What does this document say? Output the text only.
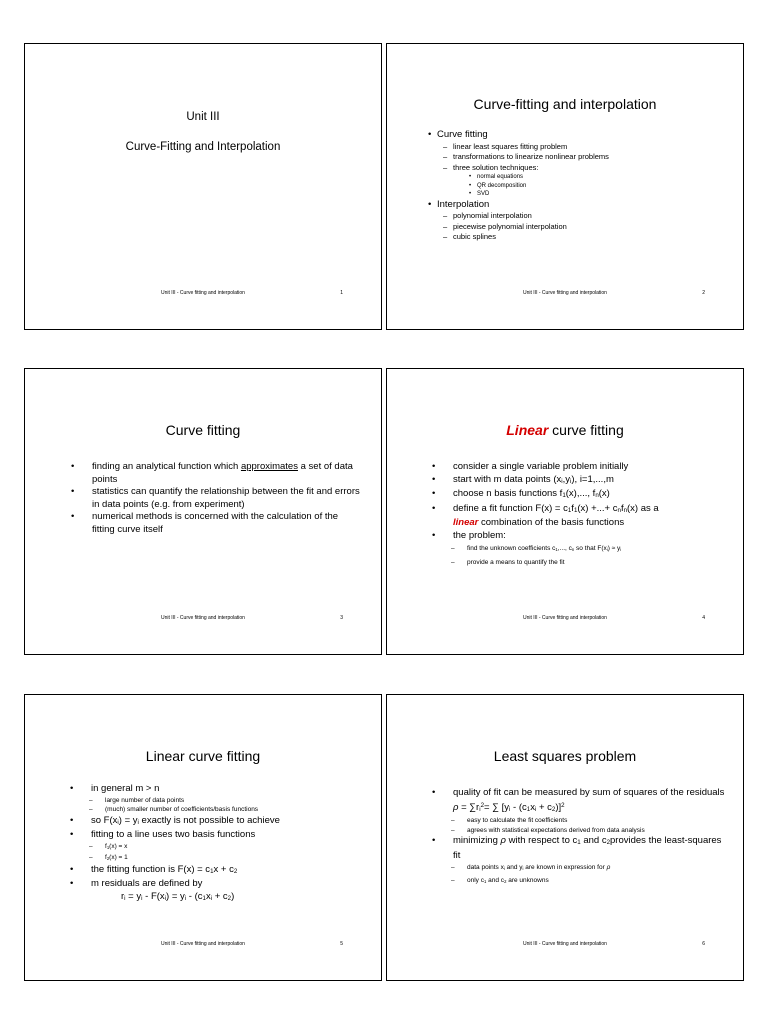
Unit III
Curve-Fitting and Interpolation
Unit III - Curve fitting and interpolation	1
Curve-fitting and interpolation
• Curve fitting
– linear least squares fitting problem
– transformations to linearize nonlinear problems
– three solution techniques:
• normal equations
• QR decomposition
• SVD
• Interpolation
– polynomial interpolation
– piecewise polynomial interpolation
– cubic splines
Unit III - Curve fitting and interpolation	2
Curve fitting
• finding an analytical function which approximates a set of data points
• statistics can quantify the relationship between the fit and errors in data points (e.g. from experiment)
• numerical methods is concerned with the calculation of the fitting curve itself
Unit III - Curve fitting and interpolation	3
Linear curve fitting
• consider a single variable problem initially
• start with m data points $(x_i,y_i)$, i=1,...,m
• choose n basis functions $f_1(x)$,..., $f_n(x)$
• define a fit function $F(x) = c_1f_1(x)$ +...+ $c_nf_n(x)$ as a
linear combination of the basis functions
• the problem:
– find the unknown coefficients $c_1$,..., $c_n$ so that $F(x_i) \approx y_i$
– provide a means to quantify the fit
Unit III - Curve fitting and interpolation	4
Linear curve fitting
• in general m > n
– large number of data points
– (much) smaller number of coefficients/basis functions
• so $F(x_i) = y_i$ exactly is not possible to achieve
• fitting to a line uses two basis functions
– $f_1(x) = x$
– $f_2(x) = 1$
• the fitting function is $F(x) = c_1x + c_2$
• m residuals are defined by
$r_i = y_i - F(x_i) = y_i - (c_1x_i + c_2)$
Unit III - Curve fitting and interpolation	5
Least squares problem
• quality of fit can be measured by sum of squares of the residuals $\rho = \sum r_i^2=$ ∑ $[y_i - (c_1x_i + c_2)]^2$
– easy to calculate the fit coefficients
– agrees with statistical expectations derived from data analysis
• minimizing ρ with respect to $c_1$ and $c_2provides$ the least-squares fit
– data points $x_i$ and $y_i$ are known in expression for ρ
– only $c_1$ and $c_2$ are unknowns
Unit III - Curve fitting and interpolation	6
